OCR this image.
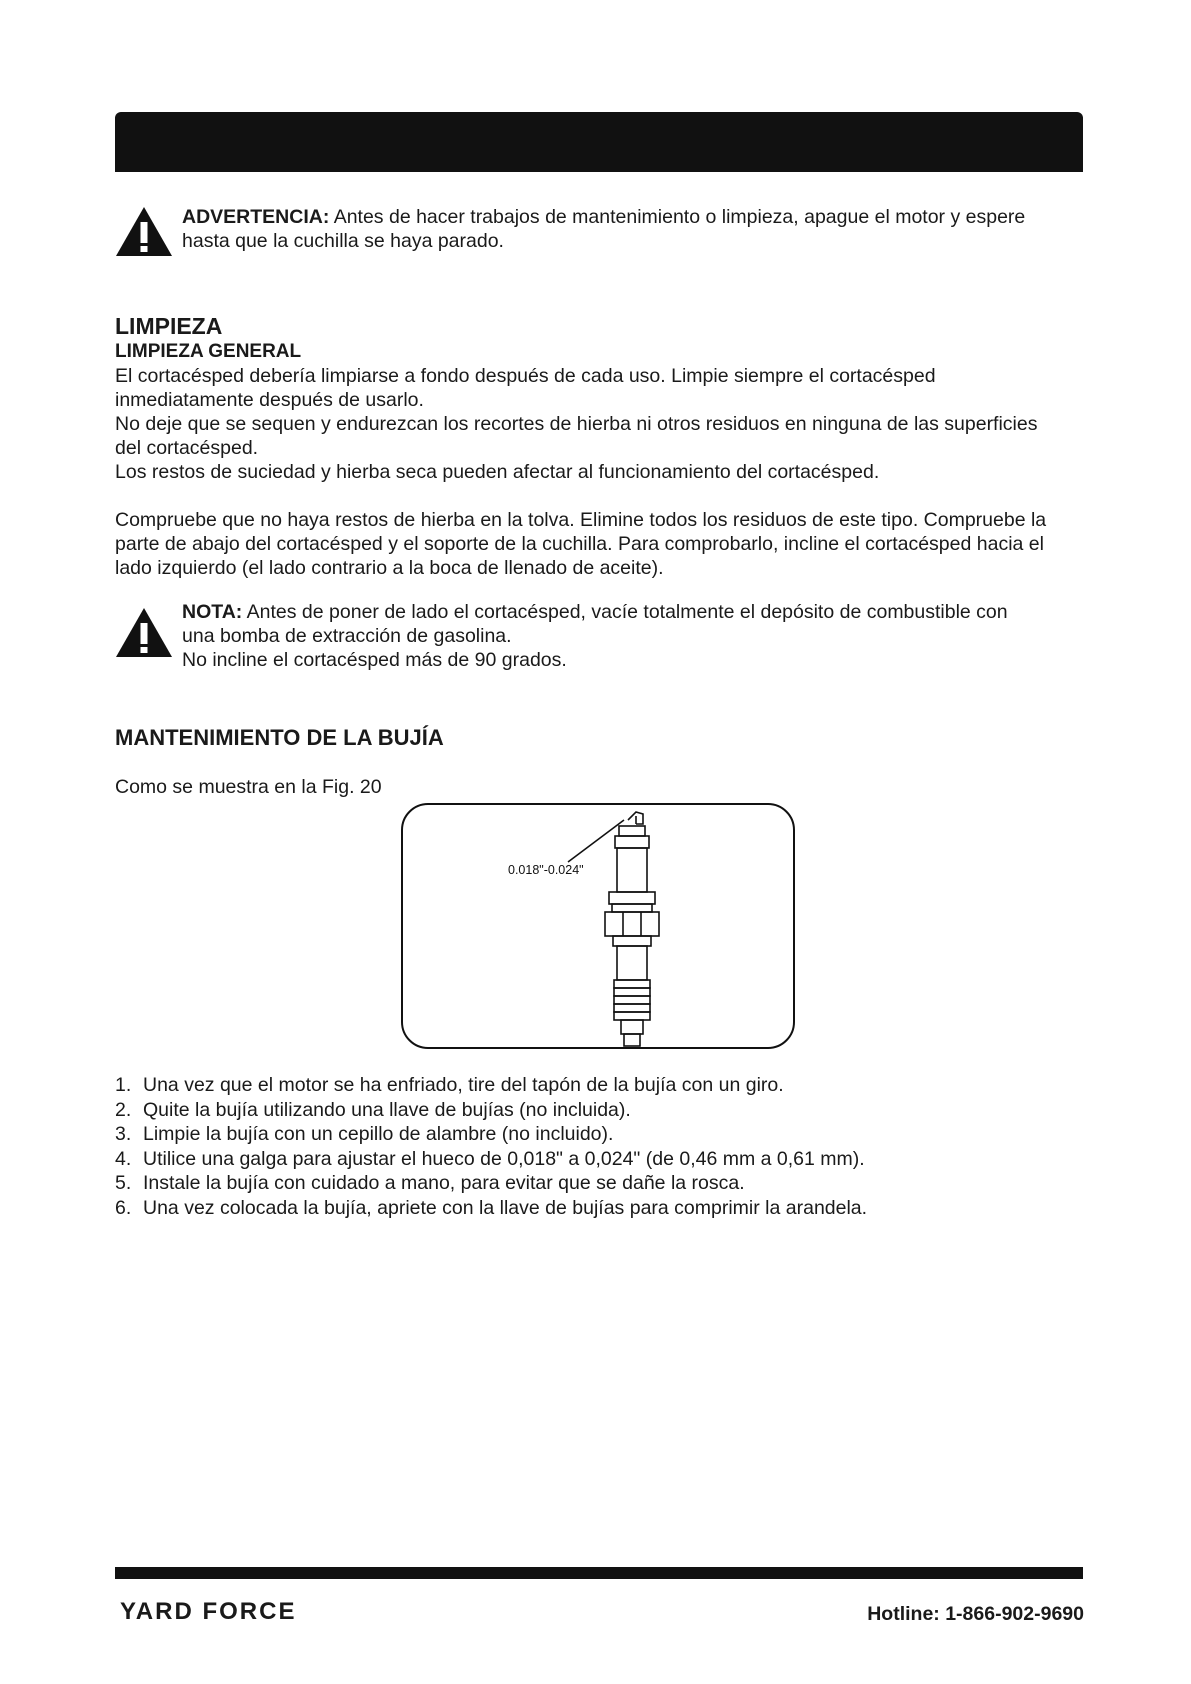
ADVERTENCIA: Antes de hacer trabajos de mantenimiento o limpieza, apague el motor y espere
hasta que la cuchilla se haya parado.
LIMPIEZA
LIMPIEZA GENERAL

El cortacésped debería limpiarse a fondo después de cada uso. Limpie siempre el cortacésped
inmediatamente después de usarlo.
No deje que se sequen y endurezcan los recortes de hierba ni otros residuos en ninguna de las superficies
del cortacésped.
Los restos de suciedad y hierba seca pueden afectar al funcionamiento del cortacésped.

Compruebe que no haya restos de hierba en la tolva. Elimine todos los residuos de este tipo. Compruebe la
parte de abajo del cortacésped y el soporte de la cuchilla. Para comprobarlo, incline el cortacésped hacia el
lado izquierdo (el lado contrario a la boca de llenado de aceite).

NOTA: Antes de poner de lado el cortacésped, vacíe totalmente el depósito de combustible con
una bomba de extracción de gasolina.
No incline el cortacésped más de 90 grados.
MANTENIMIENTO DE LA BUJÍA
Como se muestra en la Fig. 20
0.018"-0.024"
1. Una vez que el motor se ha enfriado, tire del tapón de la bujía con un giro.
2. Quite la bujía utilizando una llave de bujías (no incluida).
3. Limpie la bujía con un cepillo de alambre (no incluido).
4. Utilice una galga para ajustar el hueco de 0,018" a 0,024" (de 0,46 mm a 0,61 mm).
5. Instale la bujía con cuidado a mano, para evitar que se dañe la rosca.
6. Una vez colocada la bujía, apriete con la llave de bujías para comprimir la arandela.
YARD FORCE	Hotline: 1-866-902-9690
